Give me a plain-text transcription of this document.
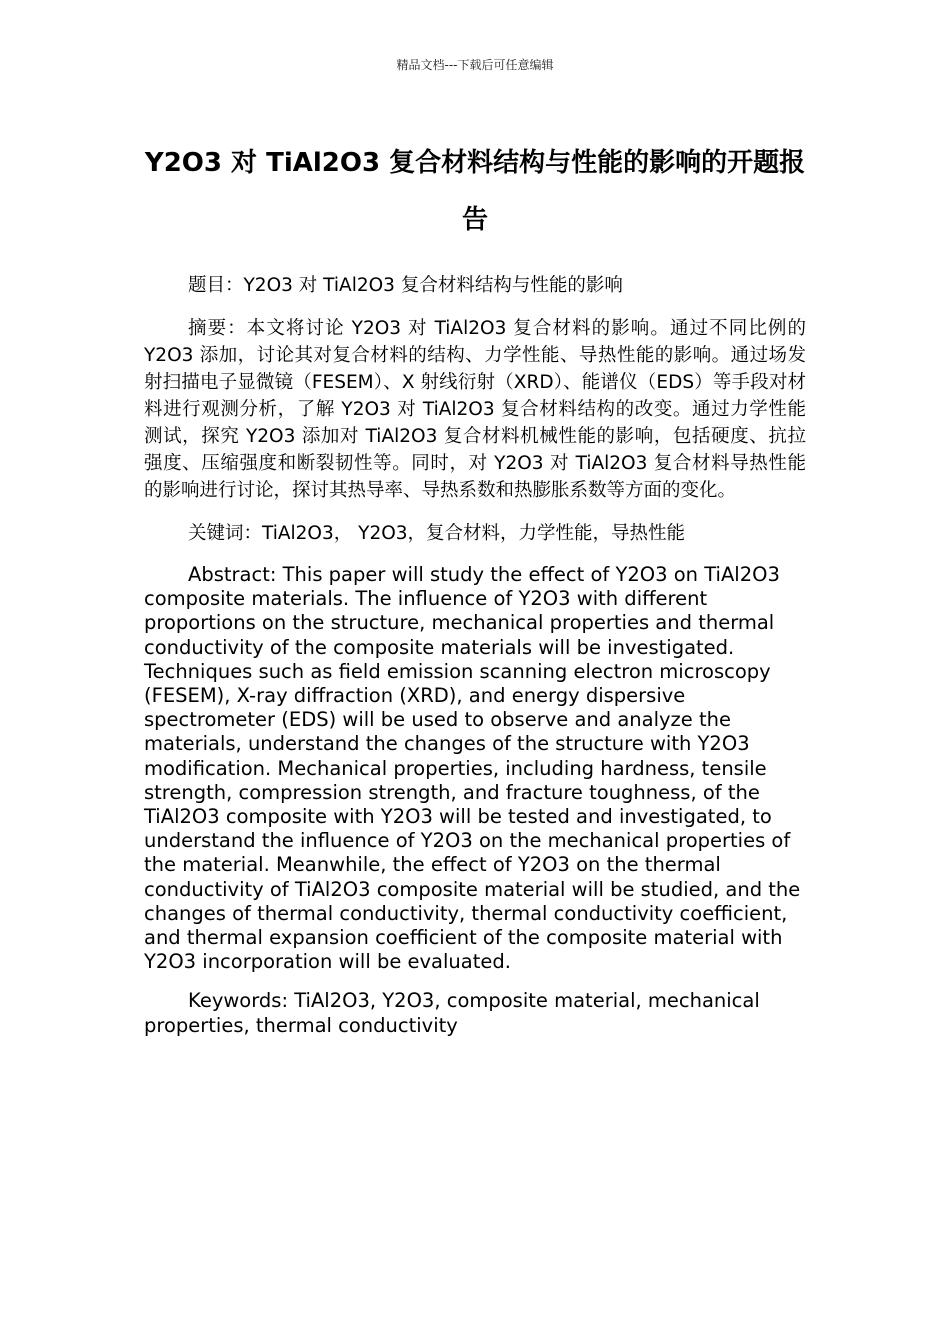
精品文档---下载后可任意编辑
Y2O3 对 TiAl2O3 复合材料结构与性能的影响的开题报告

题目：Y2O3 对 TiAl2O3 复合材料结构与性能的影响

摘要：本文将讨论 Y2O3 对 TiAl2O3 复合材料的影响。通过不同比例的 Y2O3 添加，讨论其对复合材料的结构、力学性能、导热性能的影响。通过场发射扫描电子显微镜（FESEM）、X 射线衍射（XRD）、能谱仪（EDS）等手段对材料进行观测分析，了解 Y2O3 对 TiAl2O3 复合材料结构的改变。通过力学性能测试，探究 Y2O3 添加对 TiAl2O3 复合材料机械性能的影响，包括硬度、抗拉强度、压缩强度和断裂韧性等。同时，对 Y2O3 对 TiAl2O3 复合材料导热性能的影响进行讨论，探讨其热导率、导热系数和热膨胀系数等方面的变化。

关键词：TiAl2O3， Y2O3，复合材料，力学性能，导热性能

Abstract: This paper will study the effect of Y2O3 on TiAl2O3 composite materials. The influence of Y2O3 with different proportions on the structure, mechanical properties and thermal conductivity of the composite materials will be investigated. Techniques such as field emission scanning electron microscopy (FESEM), X-ray diffraction (XRD), and energy dispersive spectrometer (EDS) will be used to observe and analyze the materials, understand the changes of the structure with Y2O3 modification. Mechanical properties, including hardness, tensile strength, compression strength, and fracture toughness, of the TiAl2O3 composite with Y2O3 will be tested and investigated, to understand the influence of Y2O3 on the mechanical properties of the material. Meanwhile, the effect of Y2O3 on the thermal conductivity of TiAl2O3 composite material will be studied, and the changes of thermal conductivity, thermal conductivity coefficient, and thermal expansion coefficient of the composite material with Y2O3 incorporation will be evaluated.

Keywords: TiAl2O3, Y2O3, composite material, mechanical properties, thermal conductivity
